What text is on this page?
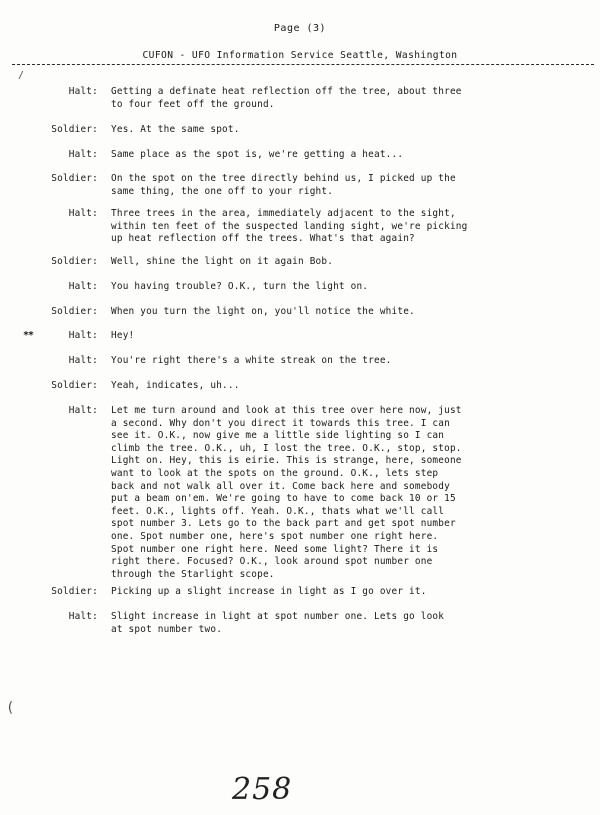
Page (3)
CUFON - UFO Information Service Seattle, Washington
/
(
Halt: Getting a definate heat reflection off the tree, about three
to four feet off the ground.
Soldier: Yes. At the same spot.
Halt: Same place as the spot is, we're getting a heat...
Soldier: On the spot on the tree directly behind us, I picked up the
same thing, the one off to your right.
Halt: Three trees in the area, immediately adjacent to the sight,
within ten feet of the suspected landing sight, we're picking
up heat reflection off the trees. What's that again?
Soldier: Well, shine the light on it again Bob.
Halt: You having trouble? O.K., turn the light on.
Soldier: When you turn the light on, you'll notice the white.
**	Halt: Hey!
Halt: You're right there's a white streak on the tree.
Soldier: Yeah, indicates, uh...
Halt: Let me turn around and look at this tree over here now, just
a second. Why don't you direct it towards this tree. I can
see it. O.K., now give me a little side lighting so I can
climb the tree. O.K., uh, I lost the tree. O.K., stop, stop.
Light on. Hey, this is eirie. This is strange, here, someone
want to look at the spots on the ground. O.K., lets step
back and not walk all over it. Come back here and somebody
put a beam on'em. We're going to have to come back 10 or 15
feet. O.K., lights off. Yeah. O.K., thats what we'll call
spot number 3. Lets go to the back part and get spot number
one. Spot number one, here's spot number one right here.
Spot number one right here. Need some light? There it is
right there. Focused? O.K., look around spot number one
through the Starlight scope.
Soldier: Picking up a slight increase in light as I go over it.
Halt: Slight increase in light at spot number one. Lets go look
at spot number two.
258
